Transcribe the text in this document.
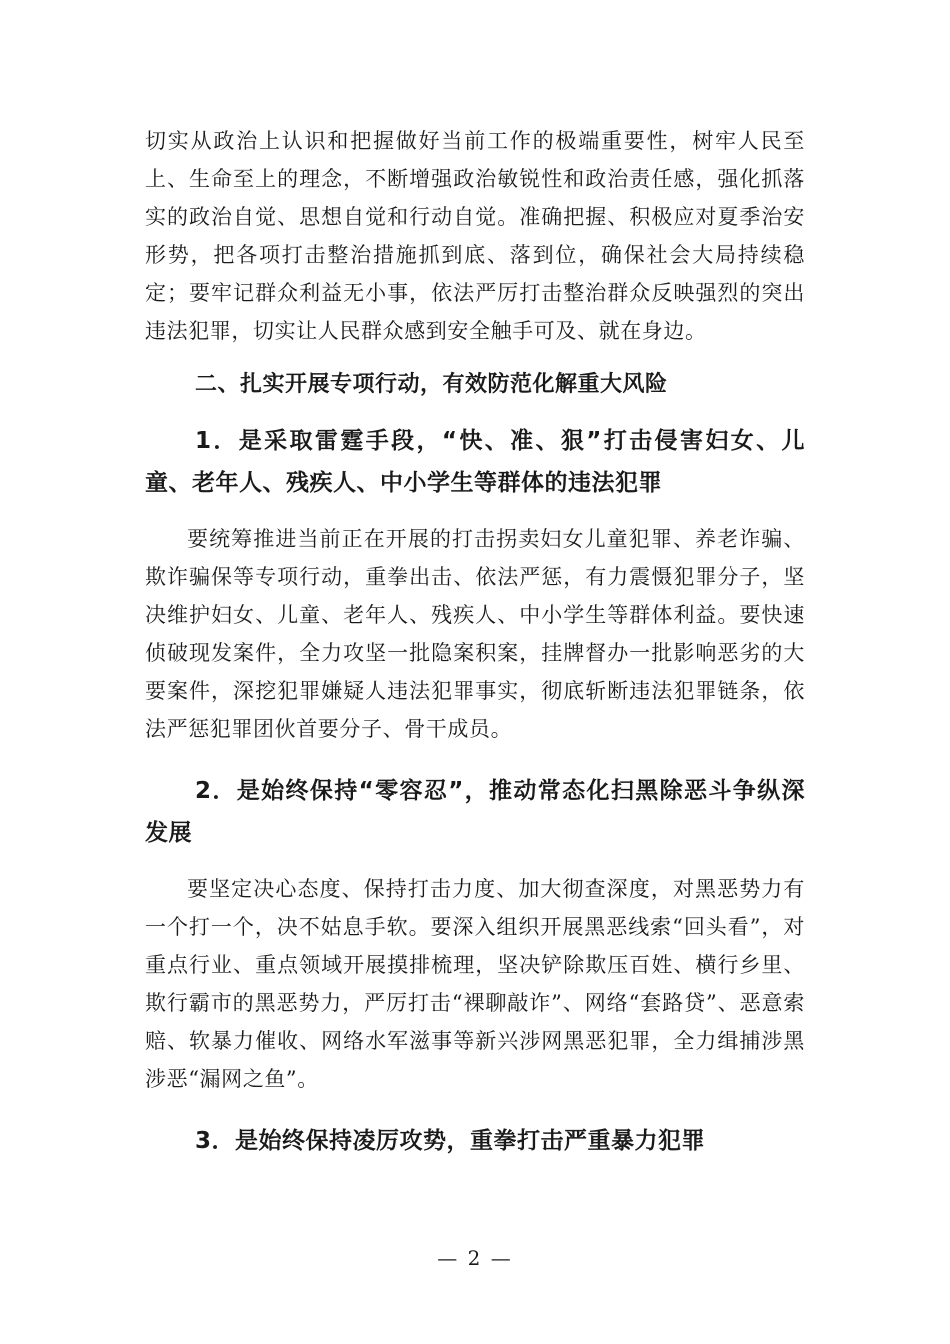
切实从政治上认识和把握做好当前工作的极端重要性，树牢人民至上、生命至上的理念，不断增强政治敏锐性和政治责任感，强化抓落实的政治自觉、思想自觉和行动自觉。准确把握、积极应对夏季治安形势，把各项打击整治措施抓到底、落到位，确保社会大局持续稳定；要牢记群众利益无小事，依法严厉打击整治群众反映强烈的突出违法犯罪，切实让人民群众感到安全触手可及、就在身边。

二、扎实开展专项行动，有效防范化解重大风险
1．是采取雷霆手段，“快、准、狠”打击侵害妇女、儿童、老年人、残疾人、中小学生等群体的违法犯罪

要统筹推进当前正在开展的打击拐卖妇女儿童犯罪、养老诈骗、欺诈骗保等专项行动，重拳出击、依法严惩，有力震慑犯罪分子，坚决维护妇女、儿童、老年人、残疾人、中小学生等群体利益。要快速侦破现发案件，全力攻坚一批隐案积案，挂牌督办一批影响恶劣的大要案件，深挖犯罪嫌疑人违法犯罪事实，彻底斩断违法犯罪链条，依法严惩犯罪团伙首要分子、骨干成员。

2．是始终保持“零容忍”，推动常态化扫黑除恶斗争纵深发展

要坚定决心态度、保持打击力度、加大彻查深度，对黑恶势力有一个打一个，决不姑息手软。要深入组织开展黑恶线索“回头看”，对重点行业、重点领域开展摸排梳理，坚决铲除欺压百姓、横行乡里、欺行霸市的黑恶势力，严厉打击“裸聊敲诈”、网络“套路贷”、恶意索赔、软暴力催收、网络水军滋事等新兴涉网黑恶犯罪，全力缉捕涉黑涉恶“漏网之鱼”。

3．是始终保持凌厉攻势，重拳打击严重暴力犯罪
— 2 —
